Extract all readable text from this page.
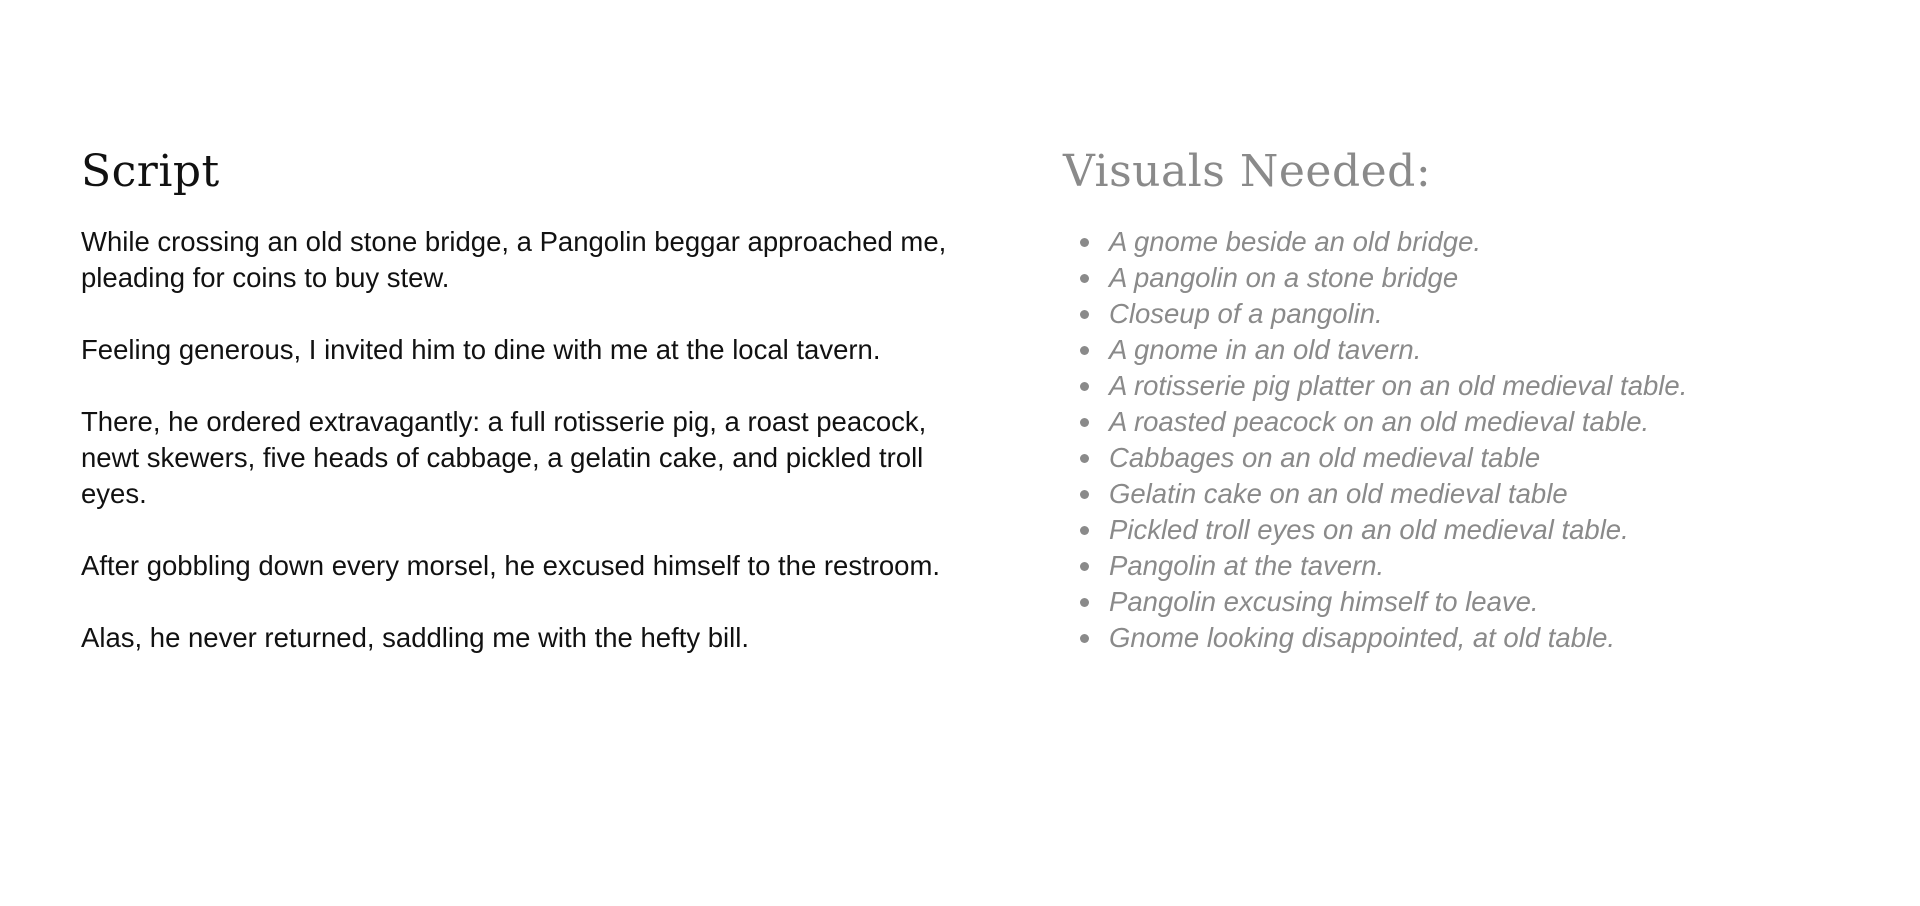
Script

While crossing an old stone bridge, a Pangolin beggar approached me, pleading for coins to buy stew.

Feeling generous, I invited him to dine with me at the local tavern.

There, he ordered extravagantly: a full rotisserie pig, a roast peacock, newt skewers, five heads of cabbage, a gelatin cake, and pickled troll eyes.

After gobbling down every morsel, he excused himself to the restroom.

Alas, he never returned, saddling me with the hefty bill.

Visuals Needed:
A gnome beside an old bridge.
A pangolin on a stone bridge
Closeup of a pangolin.
A gnome in an old tavern.
A rotisserie pig platter on an old medieval table.
A roasted peacock on an old medieval table.
Cabbages on an old medieval table
Gelatin cake on an old medieval table
Pickled troll eyes on an old medieval table.
Pangolin at the tavern.
Pangolin excusing himself to leave.
Gnome looking disappointed, at old table.
